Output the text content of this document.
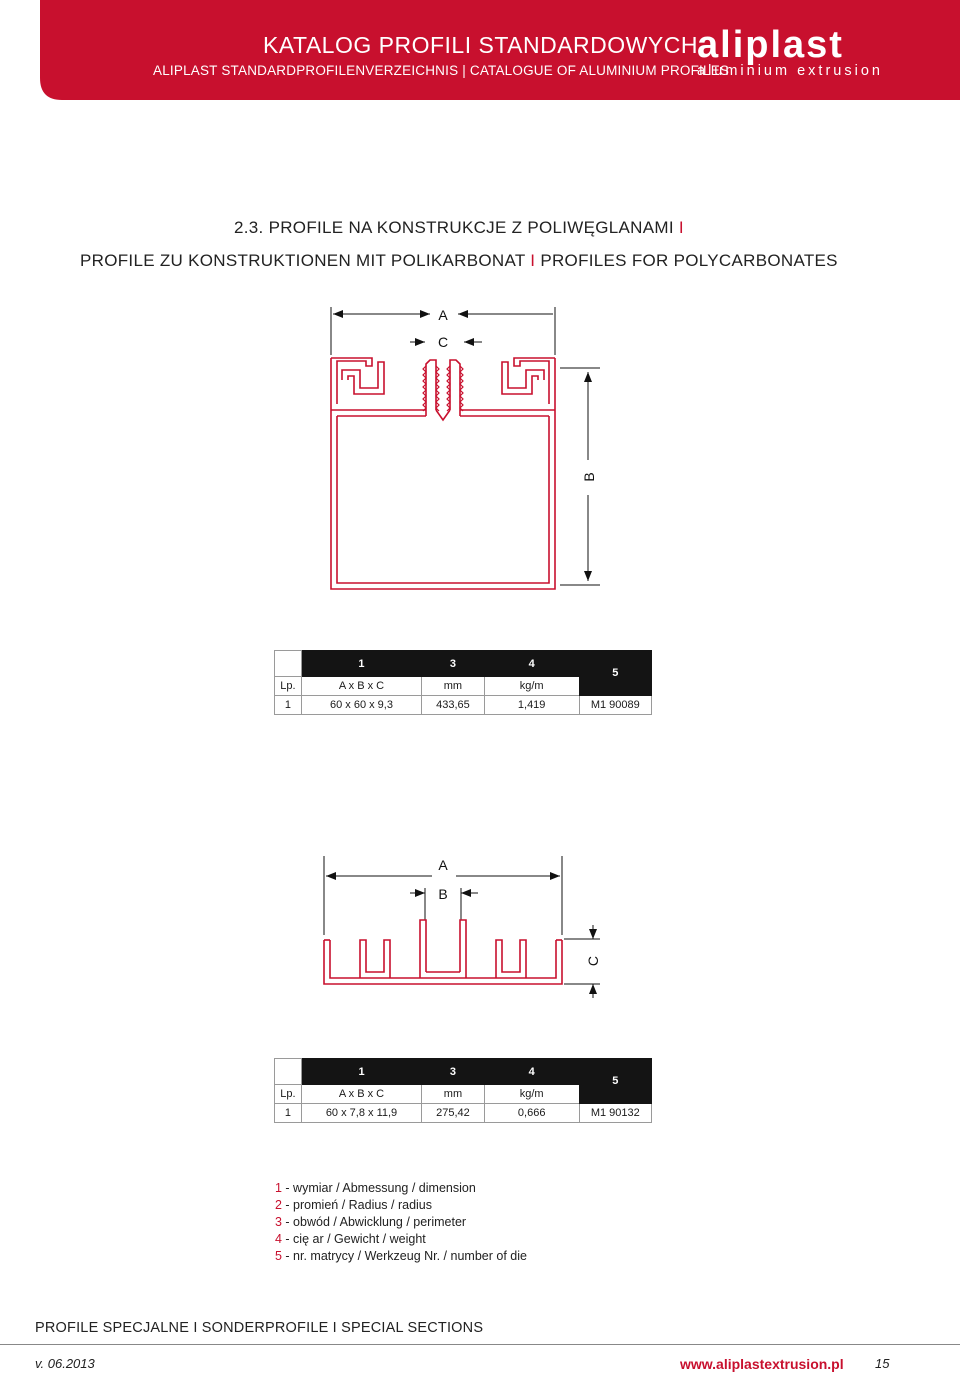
KATALOG PROFILI STANDARDOWYCH
ALIPLAST STANDARDPROFILENVERZEICHNIS | CATALOGUE OF ALUMINIUM PROFILES
aliplast
aluminium extrusion
2.3. PROFILE NA KONSTRUKCJE Z POLIWĘGLANAMI I
PROFILE ZU KONSTRUKTIONEN MIT POLIKARBONAT I PROFILES FOR POLYCARBONATES
A
C
B
	1	3	4	5
Lp.	A x B x C	mm	kg/m	
1	60 x 60 x 9,3	433,65	1,419	M1 90089
A
B
C
	1	3	4	5
Lp.	A x B x C	mm	kg/m	
1	60 x 7,8 x 11,9	275,42	0,666	M1 90132
1 - wymiar / Abmessung / dimension
2 - promień / Radius / radius
3 - obwód / Abwicklung / perimeter
4 - cię ar / Gewicht / weight
5 - nr. matrycy / Werkzeug Nr. / number of die
PROFILE SPECJALNE I SONDERPROFILE I SPECIAL SECTIONS
v. 06.2013	www.aliplastextrusion.pl 15
